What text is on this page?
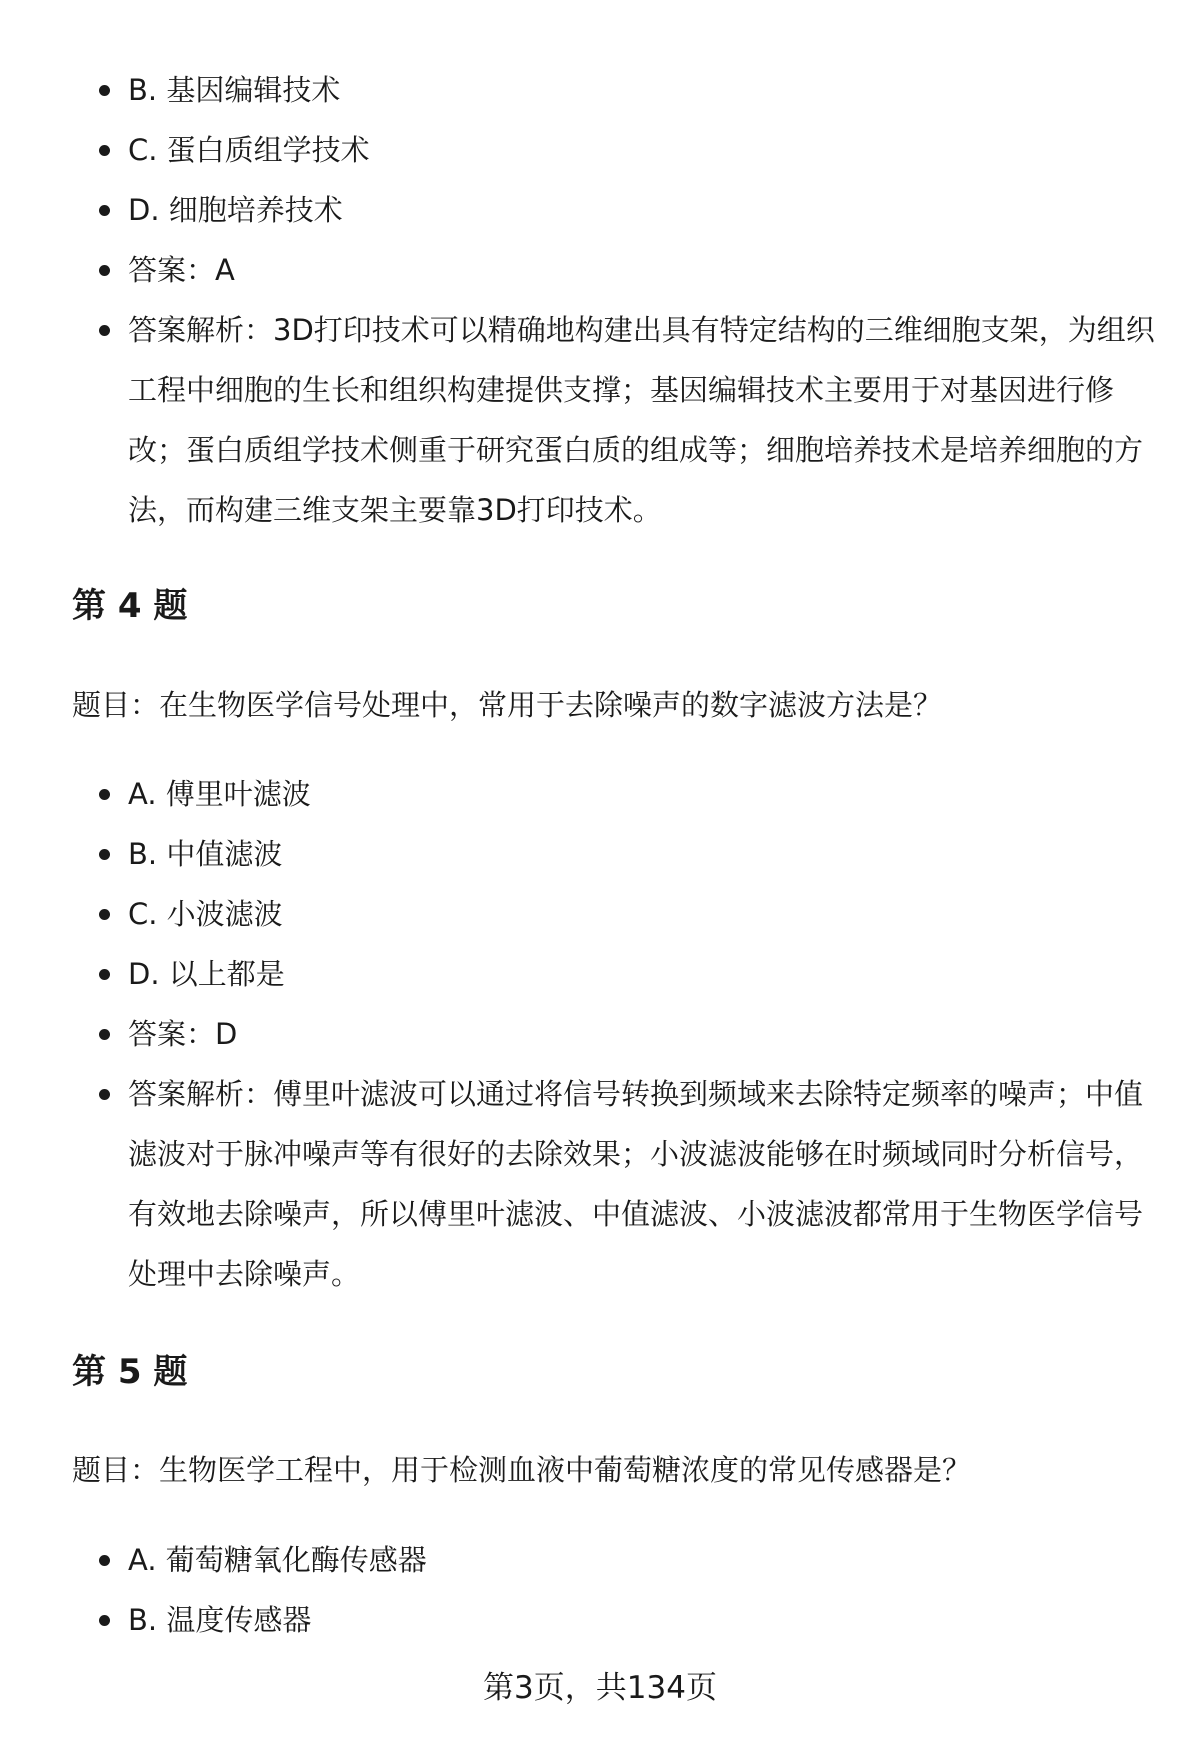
B. 基因编辑技术
C. 蛋白质组学技术
D. 细胞培养技术
答案：A
答案解析：3D打印技术可以精确地构建出具有特定结构的三维细胞支架，为组织工程中细胞的生长和组织构建提供支撑；基因编辑技术主要用于对基因进行修改；蛋白质组学技术侧重于研究蛋白质的组成等；细胞培养技术是培养细胞的方法，而构建三维支架主要靠3D打印技术。
第 4 题

题目：在生物医学信号处理中，常用于去除噪声的数字滤波方法是？

A. 傅里叶滤波
B. 中值滤波
C. 小波滤波
D. 以上都是
答案：D
答案解析：傅里叶滤波可以通过将信号转换到频域来去除特定频率的噪声；中值滤波对于脉冲噪声等有很好的去除效果；小波滤波能够在时频域同时分析信号，有效地去除噪声，所以傅里叶滤波、中值滤波、小波滤波都常用于生物医学信号处理中去除噪声。
第 5 题

题目：生物医学工程中，用于检测血液中葡萄糖浓度的常见传感器是？

A. 葡萄糖氧化酶传感器
B. 温度传感器
第3页，共134页
